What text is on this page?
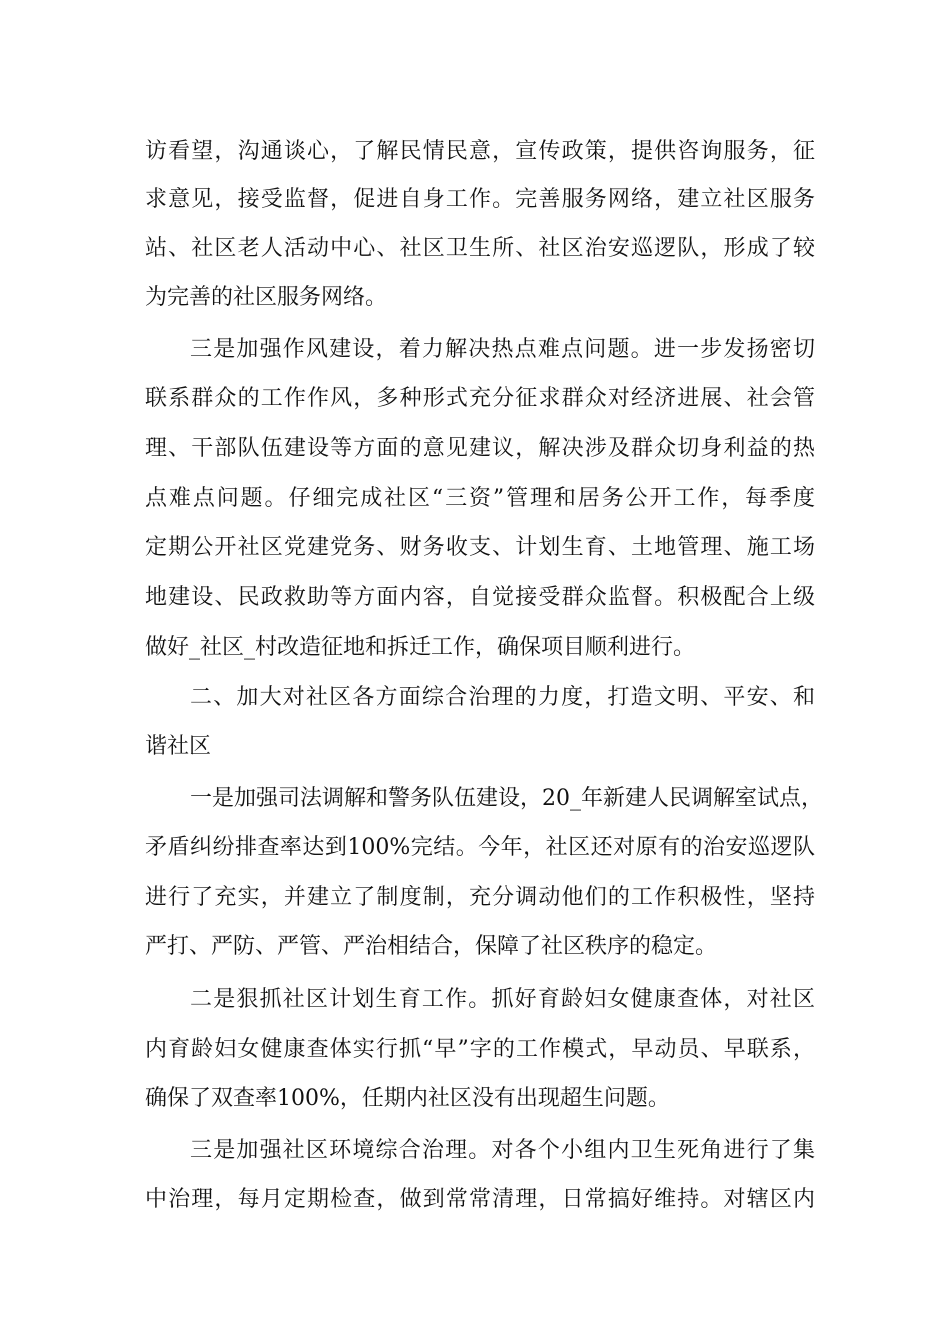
访看望，沟通谈心，了解民情民意，宣传政策，提供咨询服务，征
求意见，接受监督，促进自身工作。完善服务网络，建立社区服务
站、社区老人活动中心、社区卫生所、社区治安巡逻队，形成了较
为完善的社区服务网络。
三是加强作风建设，着力解决热点难点问题。进一步发扬密切
联系群众的工作作风，多种形式充分征求群众对经济进展、社会管
理、干部队伍建设等方面的意见建议，解决涉及群众切身利益的热
点难点问题。仔细完成社区“三资”管理和居务公开工作，每季度
定期公开社区党建党务、财务收支、计划生育、土地管理、施工场
地建设、民政救助等方面内容，自觉接受群众监督。积极配合上级
做好_社区_村改造征地和拆迁工作，确保项目顺利进行。
二、加大对社区各方面综合治理的力度，打造文明、平安、和
谐社区
一是加强司法调解和警务队伍建设，20_年新建人民调解室试点，
矛盾纠纷排查率达到100%完结。今年，社区还对原有的治安巡逻队
进行了充实，并建立了制度制，充分调动他们的工作积极性，坚持
严打、严防、严管、严治相结合，保障了社区秩序的稳定。
二是狠抓社区计划生育工作。抓好育龄妇女健康查体，对社区
内育龄妇女健康查体实行抓“早”字的工作模式，早动员、早联系，
确保了双查率100%，任期内社区没有出现超生问题。
三是加强社区环境综合治理。对各个小组内卫生死角进行了集
中治理，每月定期检查，做到常常清理，日常搞好维持。对辖区内
